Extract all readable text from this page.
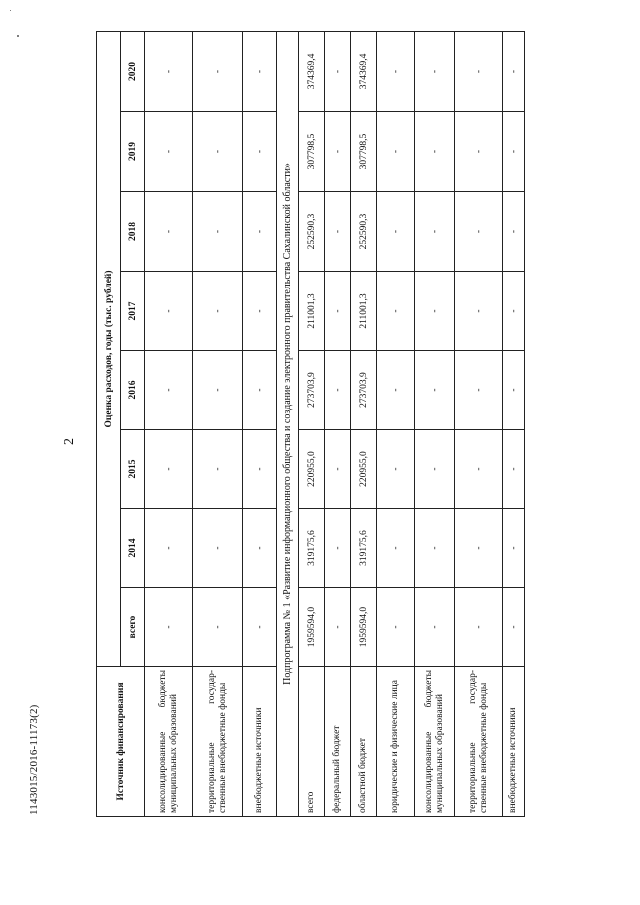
2
1143015/2016-11173(2)	Источник финансирования	Оценка расходов, годы (тыс. рублей)							
	всего	2014	2015	2016	2017	2018	2019	2020
консолидированные бюджеты муниципальных образований	-	-	-	-	-	-	-	-
территориальные государ-ственные внебюджетные фонды	-	-	-	-	-	-	-	-
внебюджетные источники	-	-	-	-	-	-	-	-
Подпрограмма № 1 «Развитие информационного общества и создание электронного правительства Сахалинской области»								
всего	1959594,0	319175,6	220955,0	273703,9	211001,3	252590,3	307798,5	374369,4
федеральный бюджет	-	-	-	-	-	-	-	-
областной бюджет	1959594,0	319175,6	220955,0	273703,9	211001,3	252590,3	307798,5	374369,4
юридические и физические лица	-	-	-	-	-	-	-	-
консолидированные бюджеты муниципальных образований	-	-	-	-	-	-	-	-
территориальные государ-ственные внебюджетные фонды	-	-	-	-	-	-	-	-
внебюджетные источники	-	-	-	-	-	-	-	-
